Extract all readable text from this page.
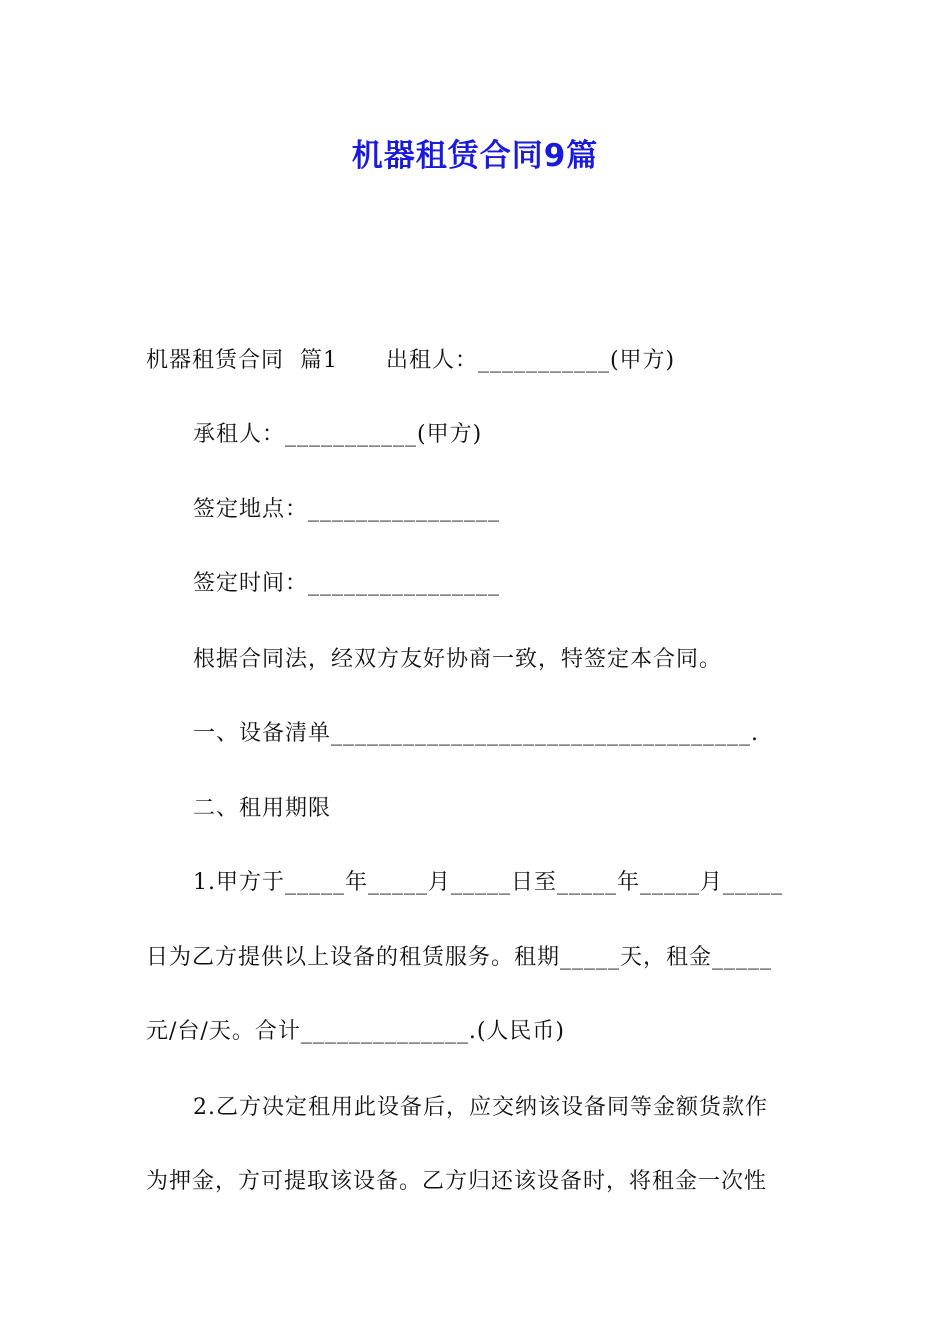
机器租赁合同9篇
机器租赁合同  篇1      出租人：___________(甲方)
承租人：___________(甲方)
签定地点：________________
签定时间：________________
根据合同法，经双方友好协商一致，特签定本合同。
一、设备清单___________________________________.
二、租用期限
1.甲方于_____年_____月_____日至_____年_____月_____
日为乙方提供以上设备的租赁服务。租期_____天，租金_____
元/台/天。合计______________.(人民币)
2.乙方决定租用此设备后，应交纳该设备同等金额货款作
为押金，方可提取该设备。乙方归还该设备时，将租金一次性
